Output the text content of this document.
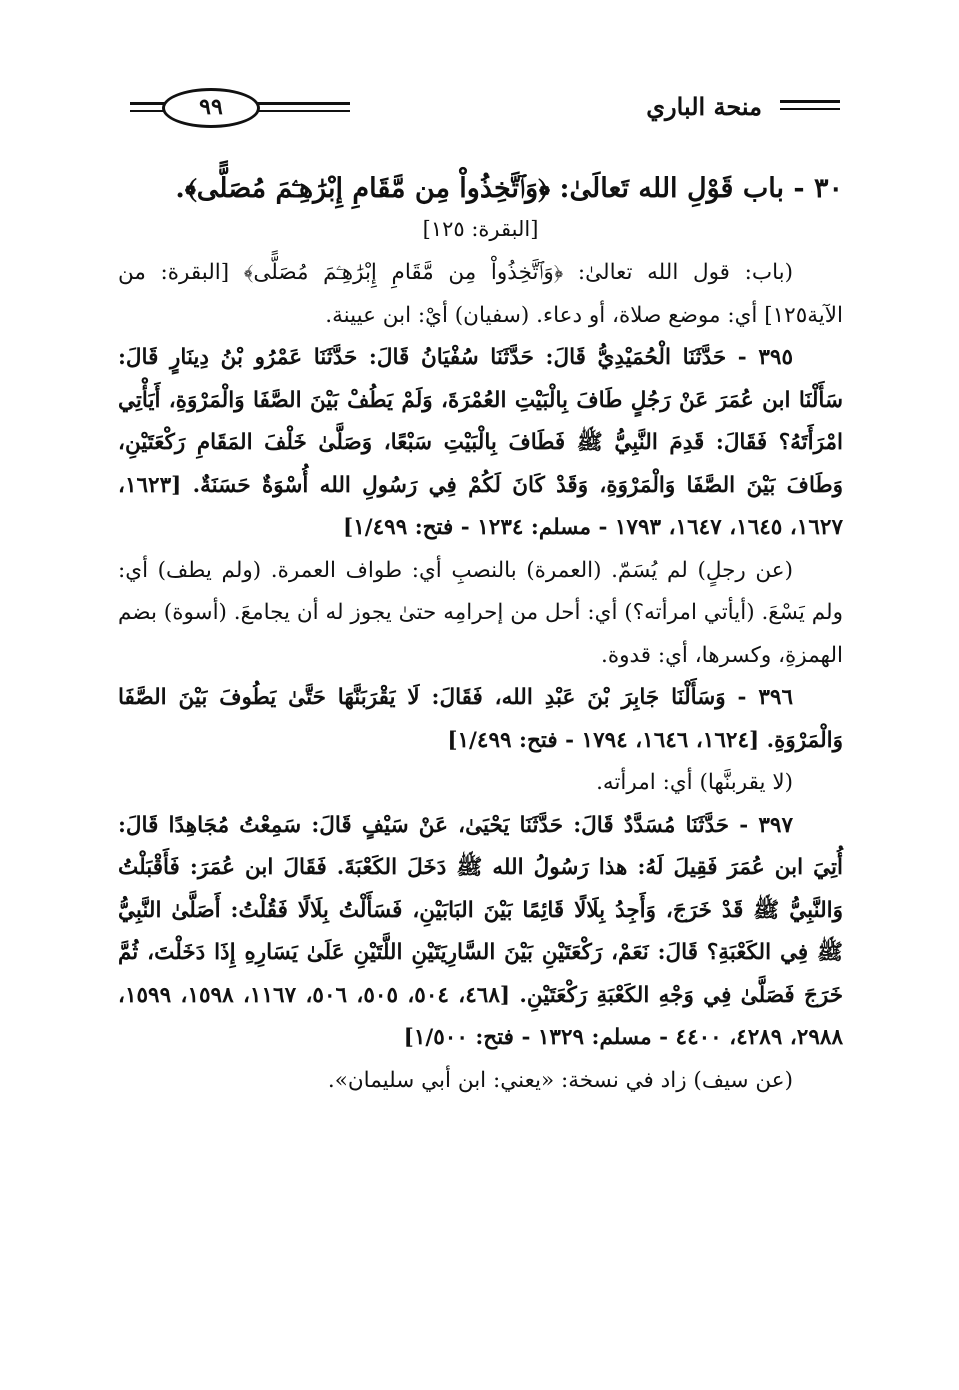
منحة الباري
٩٩

٣٠ - باب قَوْلِ الله تَعالَىٰ: ﴿وَٱتَّخِذُواْ مِن مَّقَامِ إِبْرَٰهِـۧمَ مُصَلًّى﴾.

[البقرة: ١٢٥]

(باب: قول الله تعالىٰ: ﴿وَٱتَّخِذُواْ مِن مَّقَامِ إِبْرَٰهِـۧمَ مُصَلًّى﴾ [البقرة: من الآية١٢٥] أي: موضع صلاة، أو دعاء. (سفيان) أيْ: ابن عيينة.

٣٩٥ - حَدَّثَنَا الْحُمَيْدِيُّ قَالَ: حَدَّثَنَا سُفْيَانُ قَالَ: حَدَّثَنَا عَمْرُو بْنُ دِينَارٍ قَالَ: سَأَلْنَا ابن عُمَرَ عَنْ رَجُلٍ طَافَ بِالْبَيْتِ العُمْرَةَ، وَلَمْ يَطُفْ بَيْنَ الصَّفَا وَالْمَرْوَةِ، أَيَأْتِي امْرَأَتَهُ؟ فَقَالَ: قَدِمَ النَّبِيُّ ﷺ فَطَافَ بِالْبَيْتِ سَبْعًا، وَصَلَّىٰ خَلْفَ المَقَامِ رَكْعَتَيْنِ، وَطَافَ بَيْنَ الصَّفَا وَالْمَرْوَةِ، وَقَدْ كَانَ لَكُمْ فِي رَسُولِ الله أُسْوَةٌ حَسَنَةٌ. [١٦٢٣، ١٦٢٧، ١٦٤٥، ١٦٤٧، ١٧٩٣ - مسلم: ١٢٣٤ - فتح: ١/٤٩٩]

(عن رجلٍ) لم يُسَمّ. (العمرة) بالنصبِ أي: طواف العمرة. (ولم يطف) أي: ولم يَسْعَ. (أيأتي امرأته؟) أي: أحل من إحرامِه حتىٰ يجوز له أن يجامعَ. (أسوة) بضم الهمزةِ، وكسرها، أي: قدوة.

٣٩٦ - وَسَأَلْنَا جَابِرَ بْنَ عَبْدِ الله، فَقَالَ: لَا يَقْرَبَنَّهَا حَتَّىٰ يَطُوفَ بَيْنَ الصَّفَا وَالْمَرْوَةِ. [١٦٢٤، ١٦٤٦، ١٧٩٤ - فتح: ١/٤٩٩]

(لا يقربنَّها) أي: امرأته.

٣٩٧ - حَدَّثَنَا مُسَدَّدٌ قَالَ: حَدَّثَنَا يَحْيَىٰ، عَنْ سَيْفٍ قَالَ: سَمِعْتُ مُجَاهِدًا قَالَ: أُتِيَ ابن عُمَرَ فَقِيلَ لَهُ: هذا رَسُولُ الله ﷺ دَخَلَ الكَعْبَةَ. فَقَالَ ابن عُمَرَ: فَأَقْبَلْتُ وَالنَّبِيُّ ﷺ قَدْ خَرَجَ، وَأَجِدُ بِلَالًا قَائِمًا بَيْنَ البَابَيْنِ، فَسَأَلْتُ بِلَالًا فَقُلْتُ: أَصَلَّىٰ النَّبِيُّ ﷺ فِي الكَعْبَةِ؟ قَالَ: نَعَمْ، رَكْعَتَيْنِ بَيْنَ السَّارِيَتَيْنِ اللَّتَيْنِ عَلَىٰ يَسَارِهِ إِذَا دَخَلْتَ، ثُمَّ خَرَجَ فَصَلَّىٰ فِي وَجْهِ الكَعْبَةِ رَكْعَتَيْنِ. [٤٦٨، ٥٠٤، ٥٠٥، ٥٠٦، ١١٦٧، ١٥٩٨، ١٥٩٩، ٢٩٨٨، ٤٢٨٩، ٤٤٠٠ - مسلم: ١٣٢٩ - فتح: ١/٥٠٠]

(عن سيف) زاد في نسخة: «يعني: ابن أبي سليمان».
